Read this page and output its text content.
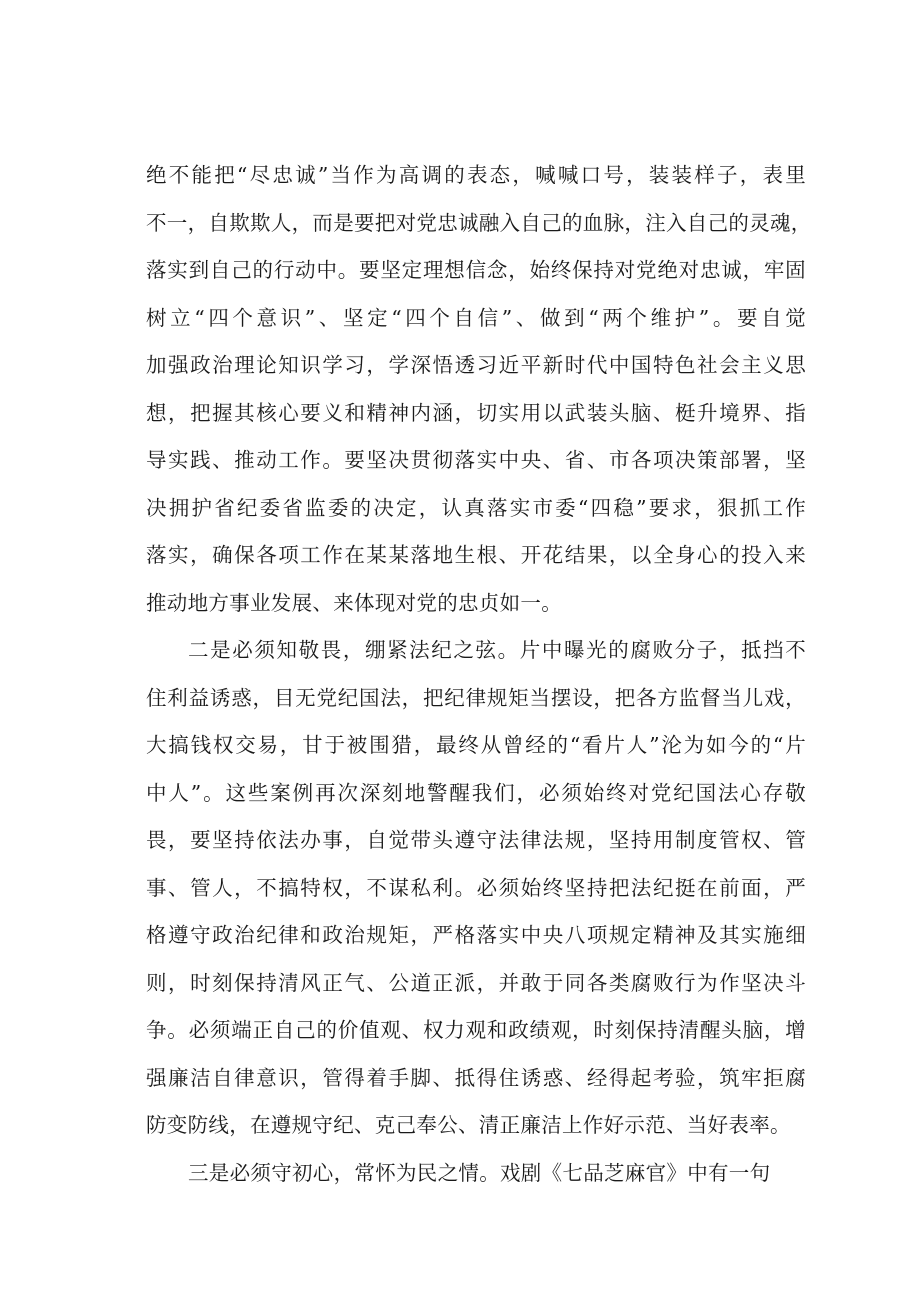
绝不能把“尽忠诚”当作为高调的表态，喊喊口号，装装样子，表里
不一，自欺欺人，而是要把对党忠诚融入自己的血脉，注入自己的灵魂，
落实到自己的行动中。要坚定理想信念，始终保持对党绝对忠诚，牢固
树立“四个意识”、坚定“四个自信”、做到“两个维护”。要自觉
加强政治理论知识学习，学深悟透习近平新时代中国特色社会主义思
想，把握其核心要义和精神内涵，切实用以武装头脑、梃升境界、指
导实践、推动工作。要坚决贯彻落实中央、省、市各项决策部署，坚
决拥护省纪委省监委的决定，认真落实市委“四稳”要求，狠抓工作
落实，确保各项工作在某某落地生根、开花结果，以全身心的投入来
推动地方事业发展、来体现对党的忠贞如一。
二是必须知敬畏，绷紧法纪之弦。片中曝光的腐败分子，抵挡不
住利益诱惑，目无党纪国法，把纪律规矩当摆设，把各方监督当儿戏，
大搞钱权交易，甘于被围猎，最终从曾经的“看片人”沦为如今的“片
中人”。这些案例再次深刻地警醒我们，必须始终对党纪国法心存敬
畏，要坚持依法办事，自觉带头遵守法律法规，坚持用制度管权、管
事、管人，不搞特权，不谋私利。必须始终坚持把法纪挺在前面，严
格遵守政治纪律和政治规矩，严格落实中央八项规定精神及其实施细
则，时刻保持清风正气、公道正派，并敢于同各类腐败行为作坚决斗
争。必须端正自己的价值观、权力观和政绩观，时刻保持清醒头脑，增
强廉洁自律意识，管得着手脚、抵得住诱惑、经得起考验，筑牢拒腐
防变防线，在遵规守纪、克己奉公、清正廉洁上作好示范、当好表率。
三是必须守初心，常怀为民之情。戏剧《七品芝麻官》中有一句
